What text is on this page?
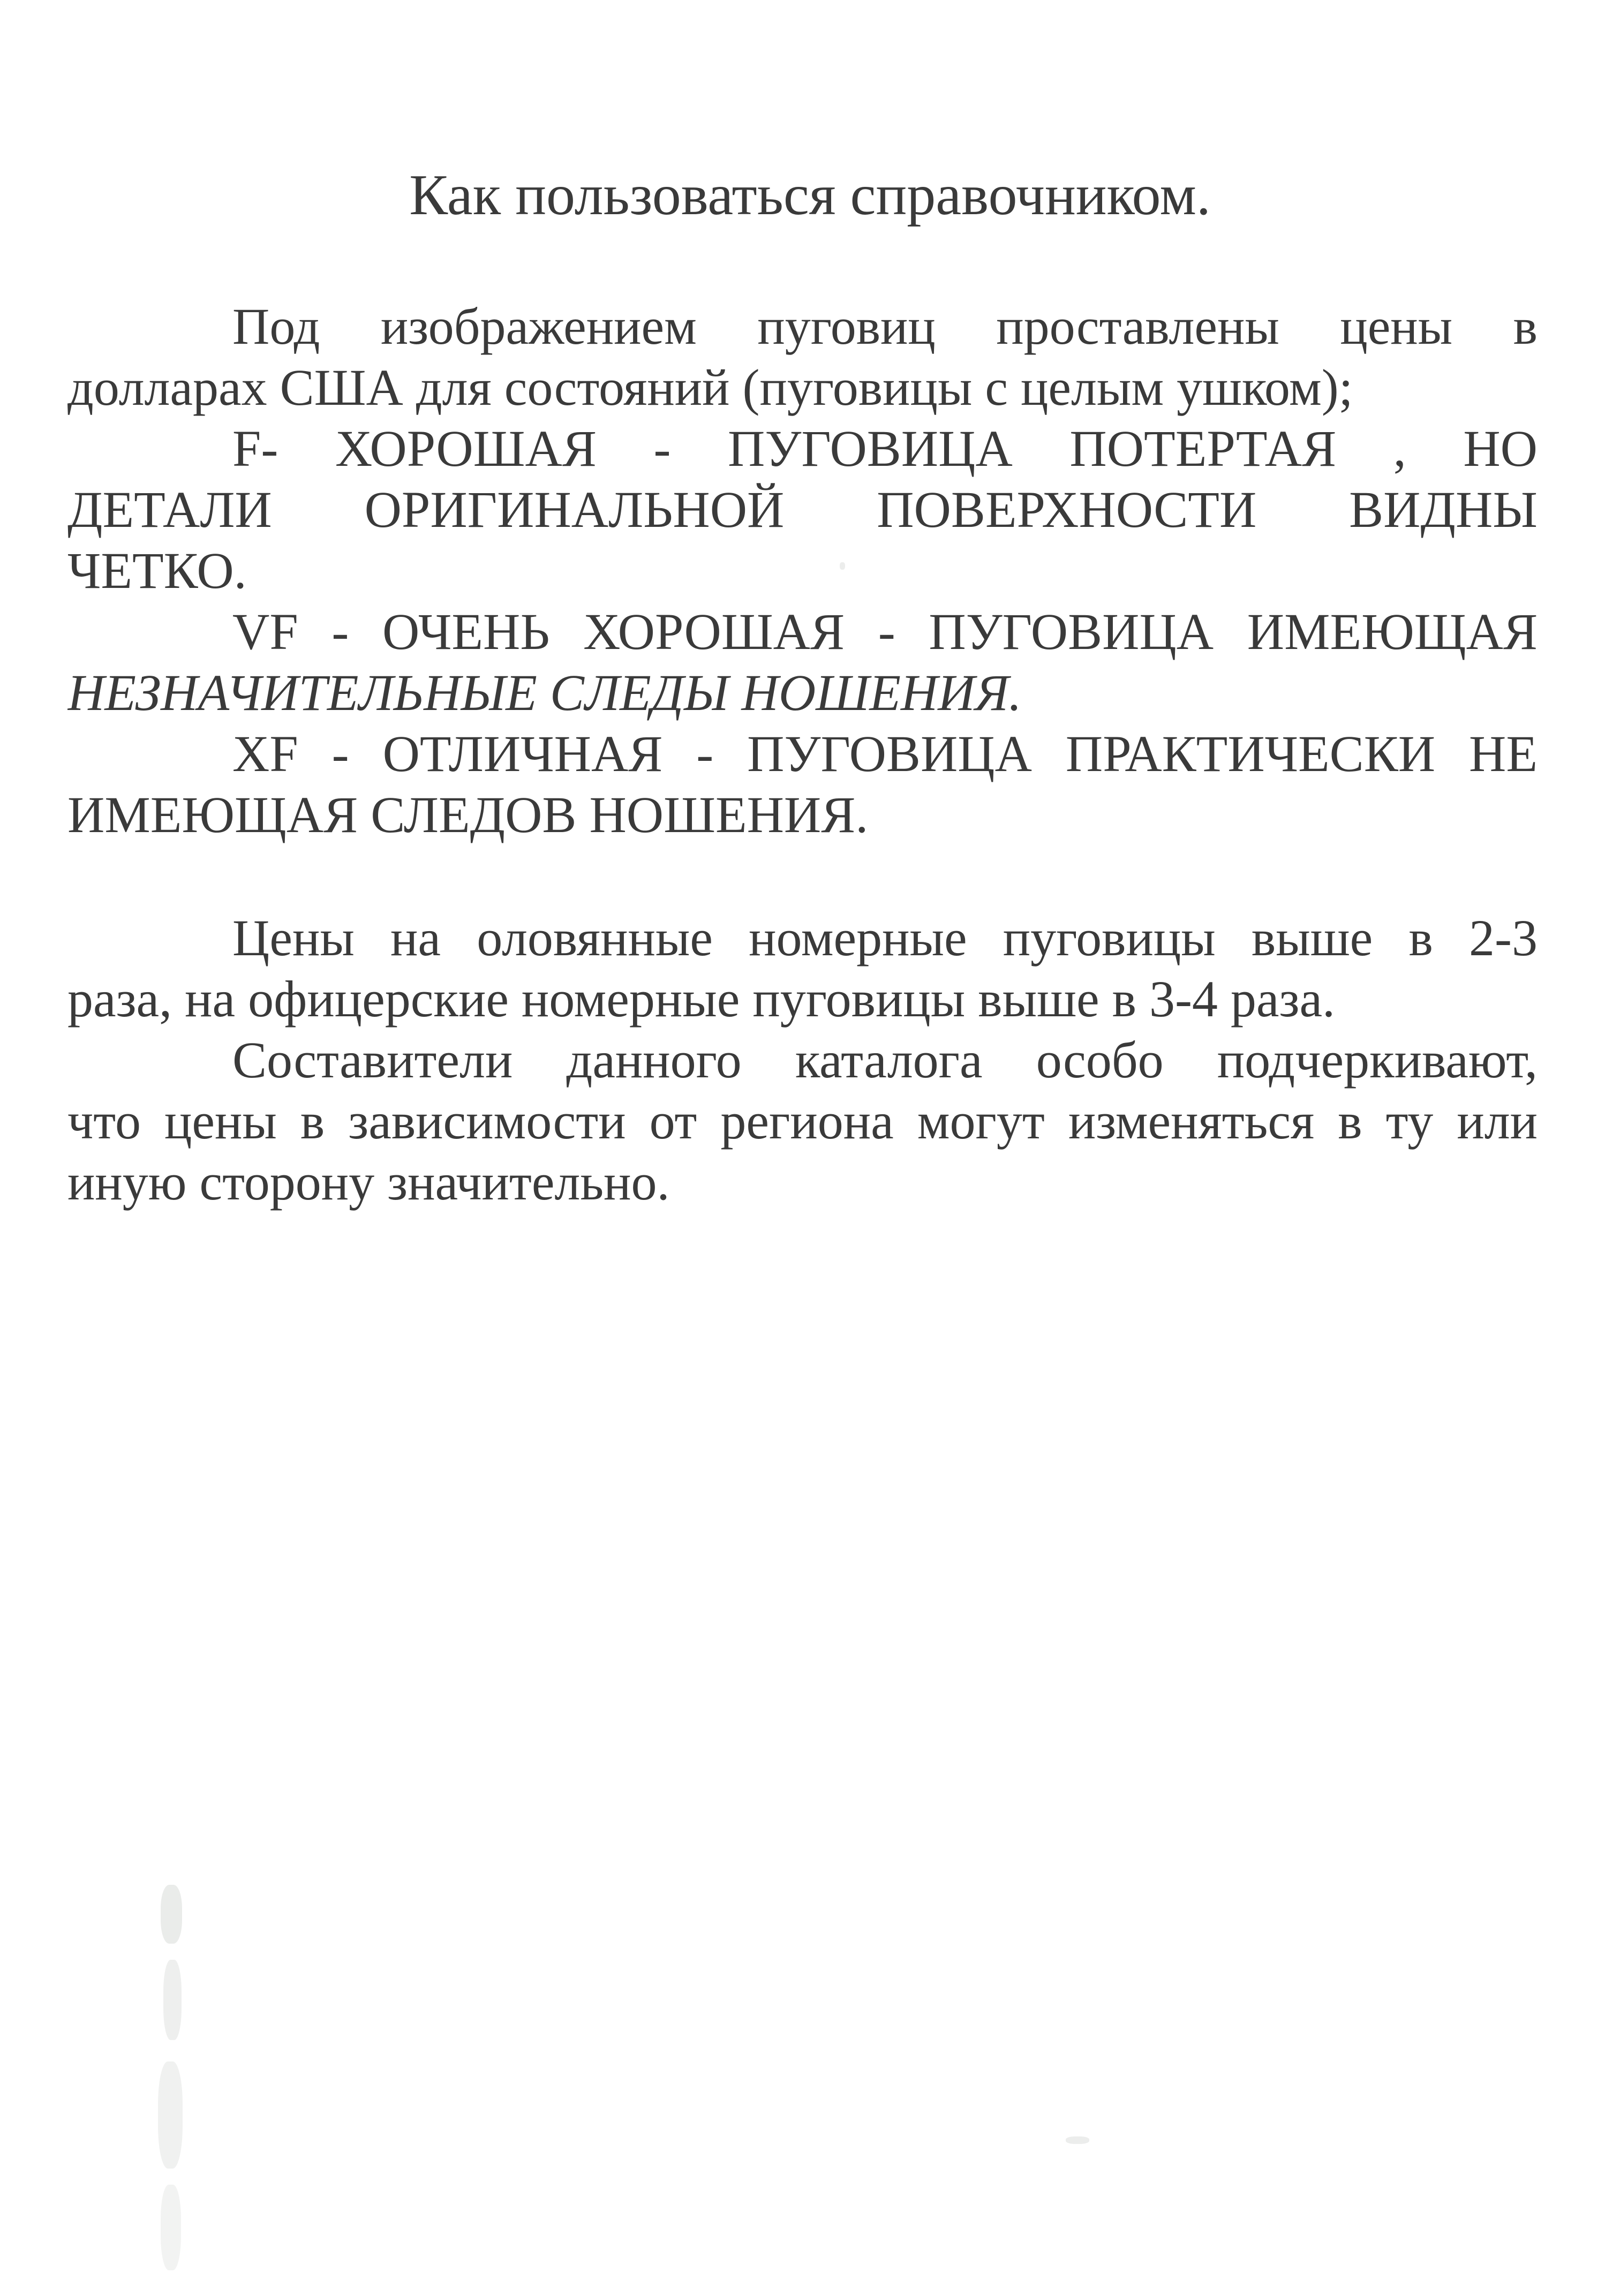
Как пользоваться справочником.
Под изображением пуговиц проставлены цены в
долларах США для состояний (пуговицы с целым ушком);
F- ХОРОШАЯ - ПУГОВИЦА ПОТЕРТАЯ , НО
ДЕТАЛИ ОРИГИНАЛЬНОЙ ПОВЕРХНОСТИ ВИДНЫ
ЧЕТКО.
VF - ОЧЕНЬ ХОРОШАЯ - ПУГОВИЦА ИМЕЮЩАЯ
НЕЗНАЧИТЕЛЬНЫЕ СЛЕДЫ НОШЕНИЯ.
XF - ОТЛИЧНАЯ - ПУГОВИЦА ПРАКТИЧЕСКИ НЕ
ИМЕЮЩАЯ СЛЕДОВ НОШЕНИЯ.
Цены на оловянные номерные пуговицы выше в 2-3
раза, на офицерские номерные пуговицы выше в 3-4 раза.
Составители данного каталога особо подчеркивают,
что цены в зависимости от региона могут изменяться в ту или
иную сторону значительно.
